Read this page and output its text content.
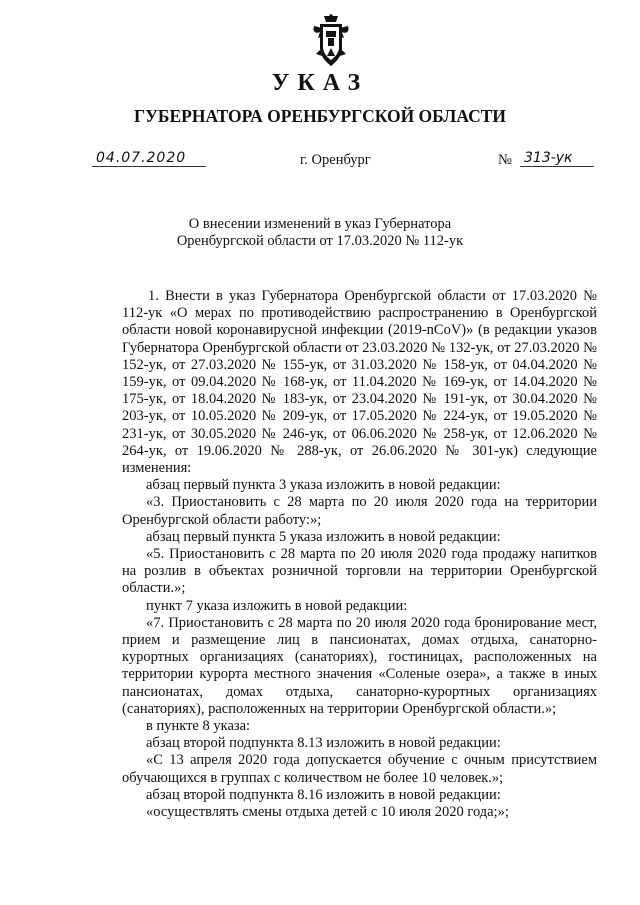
УКАЗ
ГУБЕРНАТОРА ОРЕНБУРГСКОЙ ОБЛАСТИ
04.07.2020	г. Оренбург	№ 313-ук
О внесении изменений в указ Губернатора
Оренбургской области от 17.03.2020 № 112-ук

1. Внести в указ Губернатора Оренбургской области от 17.03.2020 № 112-ук «О мерах по противодействию распространению в Оренбургской области новой коронавирусной инфекции (2019-nCoV)» (в редакции указов Губернатора Оренбургской области от 23.03.2020 № 132-ук, от 27.03.2020 № 152-ук, от 27.03.2020 № 155-ук, от 31.03.2020 № 158-ук, от 04.04.2020 № 159-ук, от 09.04.2020 № 168-ук, от 11.04.2020 № 169-ук, от 14.04.2020 № 175-ук, от 18.04.2020 № 183-ук, от 23.04.2020 № 191-ук, от 30.04.2020 № 203-ук, от 10.05.2020 № 209-ук, от 17.05.2020 № 224-ук, от 19.05.2020 № 231-ук, от 30.05.2020 № 246-ук, от 06.06.2020 № 258-ук, от 12.06.2020 № 264-ук, от 19.06.2020 № 288-ук, от 26.06.2020 № 301-ук) следующие изменения:

абзац первый пункта 3 указа изложить в новой редакции:

«3. Приостановить с 28 марта по 20 июля 2020 года на территории Оренбургской области работу:»;

абзац первый пункта 5 указа изложить в новой редакции:

«5. Приостановить с 28 марта по 20 июля 2020 года продажу напитков на розлив в объектах розничной торговли на территории Оренбургской области.»;

пункт 7 указа изложить в новой редакции:

«7. Приостановить с 28 марта по 20 июля 2020 года бронирование мест, прием и размещение лиц в пансионатах, домах отдыха, санаторно-курортных организациях (санаториях), гостиницах, расположенных на территории курорта местного значения «Соленые озера», а также в иных пансионатах, домах отдыха, санаторно-курортных организациях (санаториях), расположенных на территории Оренбургской области.»;

в пункте 8 указа:

абзац второй подпункта 8.13 изложить в новой редакции:

«С 13 апреля 2020 года допускается обучение с очным присутствием обучающихся в группах с количеством не более 10 человек.»;

абзац второй подпункта 8.16 изложить в новой редакции:

«осуществлять смены отдыха детей с 10 июля 2020 года;»;
